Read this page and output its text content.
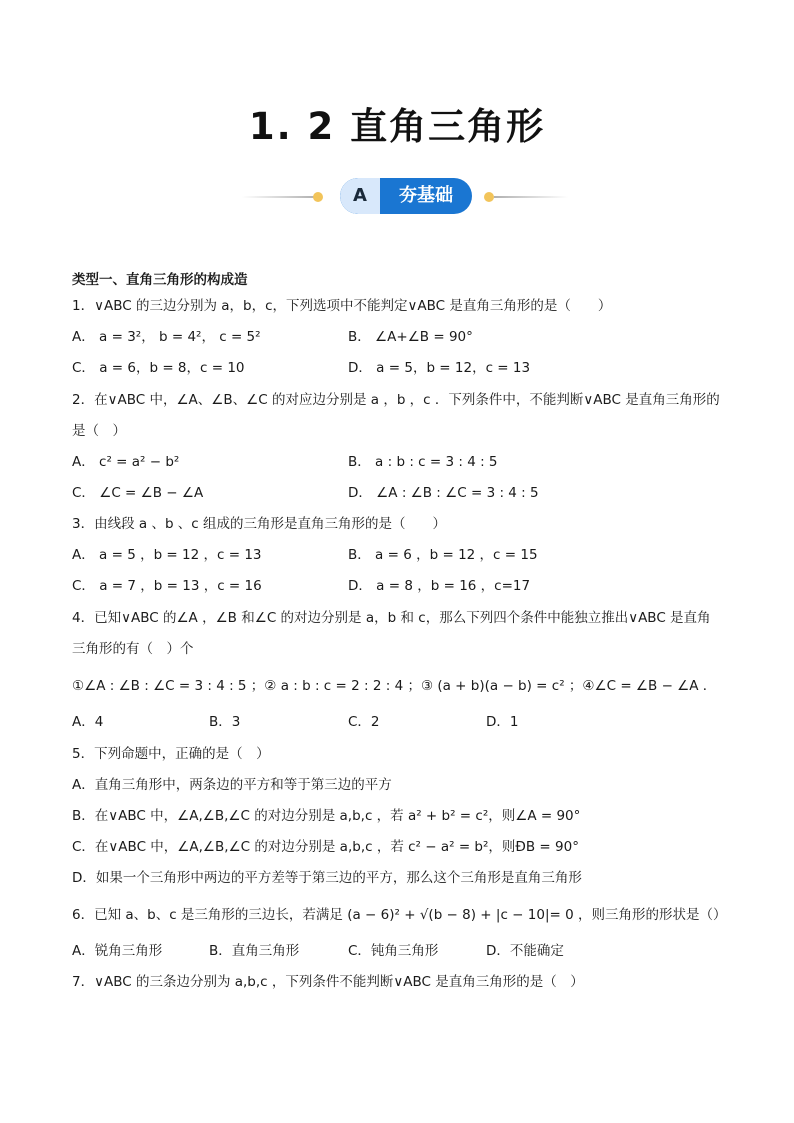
1. 2 直角三角形
A	夯基础
类型一、直角三角形的构成造
1．∨ABC 的三边分别为 a，b，c，下列选项中不能判定∨ABC 是直角三角形的是（　　）
A． a = 3²， b = 4²， c = 5²	B． ∠A+∠B = 90°
C． a = 6，b = 8，c = 10	D． a = 5，b = 12，c = 13
2．在∨ABC 中，∠A、∠B、∠C 的对应边分别是 a ，b ，c ．下列条件中，不能判断∨ABC 是直角三角形的
是（　）
A． c² = a² − b²	B． a : b : c = 3 : 4 : 5
C． ∠C = ∠B − ∠A	D． ∠A : ∠B : ∠C = 3 : 4 : 5
3．由线段 a 、b 、c 组成的三角形是直角三角形的是（　　）
A． a = 5 ，b = 12 ，c = 13	B． a = 6 ，b = 12 ，c = 15
C． a = 7 ，b = 13 ，c = 16	D． a = 8 ，b = 16 ，c=17
4．已知∨ABC 的∠A ，∠B 和∠C 的对边分别是 a，b 和 c，那么下列四个条件中能独立推出∨ABC 是直角
三角形的有（　）个
①∠A : ∠B : ∠C = 3 : 4 : 5 ；② a : b : c = 2 : 2 : 4 ；③ (a + b)(a − b) = c² ；④∠C = ∠B − ∠A ．
A．4	B．3	C．2	D．1
5．下列命题中，正确的是（　）
A．直角三角形中，两条边的平方和等于第三边的平方
B．在∨ABC 中，∠A,∠B,∠C 的对边分别是 a,b,c ，若 a² + b² = c²，则∠A = 90°
C．在∨ABC 中，∠A,∠B,∠C 的对边分别是 a,b,c ，若 c² − a² = b²，则ÐB = 90°
D．如果一个三角形中两边的平方差等于第三边的平方，那么这个三角形是直角三角形
6．已知 a、b、c 是三角形的三边长，若满足 (a − 6)² + √(b − 8) + |c − 10|= 0 ，则三角形的形状是（）
A．锐角三角形	B．直角三角形	C．钝角三角形	D．不能确定
7．∨ABC 的三条边分别为 a,b,c ，下列条件不能判断∨ABC 是直角三角形的是（　）
